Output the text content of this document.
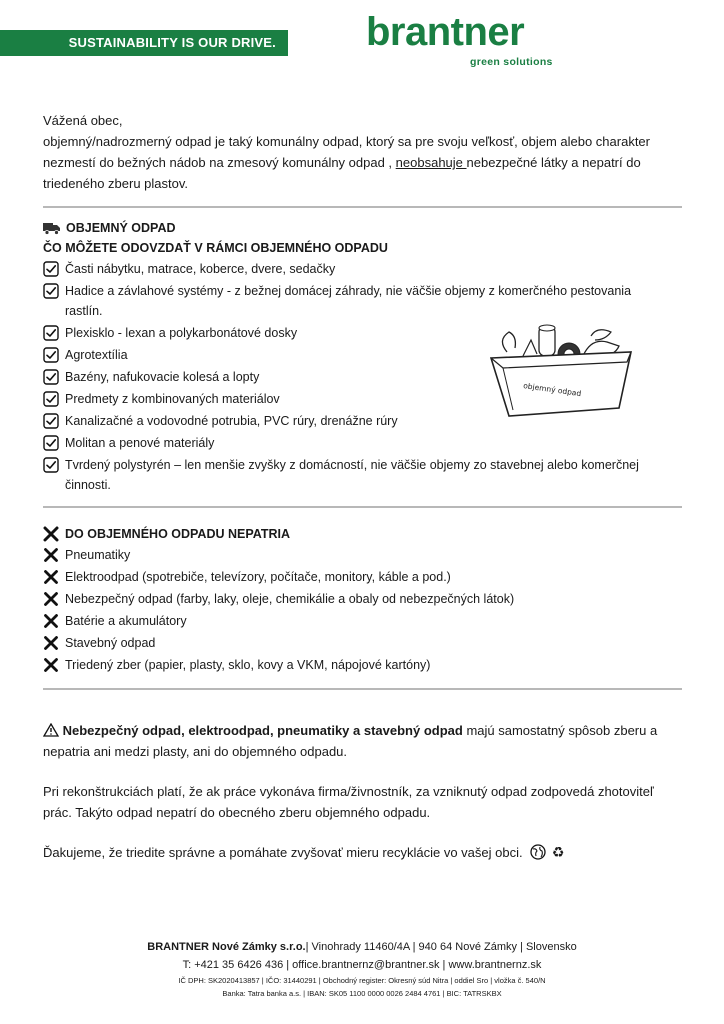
SUSTAINABILITY IS OUR DRIVE. brantner
green solutions

Vážená obec,

objemný/nadrozmerný odpad je taký komunálny odpad, ktorý sa pre svoju veľkosť, objem alebo charakter nezmestí do bežných nádob na zmesový komunálny odpad , neobsahuje nebezpečné látky a nepatrí do triedeného zberu plastov.

OBJEMNÝ ODPAD
ČO MÔŽETE ODOVZDAŤ V RÁMCI OBJEMNÉHO ODPADU
Časti nábytku, matrace, koberce, dvere, sedačky
Hadice a závlahové systémy - z bežnej domácej záhrady, nie väčšie objemy z komerčného pestovania
rastlín.
Plexisklo - lexan a polykarbonátové dosky
Agrotextília
Bazény, nafukovacie kolesá a lopty
Predmety z kombinovaných materiálov
Kanalizačné a vodovodné potrubia, PVC rúry, drenážne rúry
Molitan a penové materiály
Tvrdený polystyrén – len menšie zvyšky z domácností, nie väčšie objemy zo stavebnej alebo komerčnej
činnosti.
DO OBJEMNÉHO ODPADU NEPATRIA
Pneumatiky
Elektroodpad (spotrebiče, televízory, počítače, monitory, káble a pod.)
Nebezpečný odpad (farby, laky, oleje, chemikálie a obaly od nebezpečných látok)
Batérie a akumulátory
Stavebný odpad
Triedený zber (papier, plasty, sklo, kovy a VKM, nápojové kartóny)

Nebezpečný odpad, elektroodpad, pneumatiky a stavebný odpad majú samostatný spôsob zberu a nepatria ani medzi plasty, ani do objemného odpadu.

Pri rekonštrukciách platí, že ak práce vykonáva firma/živnostník, za vzniknutý odpad zodpovedá zhotoviteľ prác. Takýto odpad nepatrí do obecného zberu objemného odpadu.

Ďakujeme, že triedite správne a pomáhate zvyšovať mieru recyklácie vo vašej obci. ♻

objemný odpad
BRANTNER Nové Zámky s.r.o.| Vinohrady 11460/4A | 940 64 Nové Zámky | Slovensko
T: +421 35 6426 436 | office.brantnernz@brantner.sk | www.brantnernz.sk
IČ DPH: SK2020413857 | IČO: 31440291 | Obchodný register: Okresný súd Nitra | oddiel Sro | vložka č. 540/N
Banka: Tatra banka a.s. | IBAN: SK05 1100 0000 0026 2484 4761 | BIC: TATRSKBX
